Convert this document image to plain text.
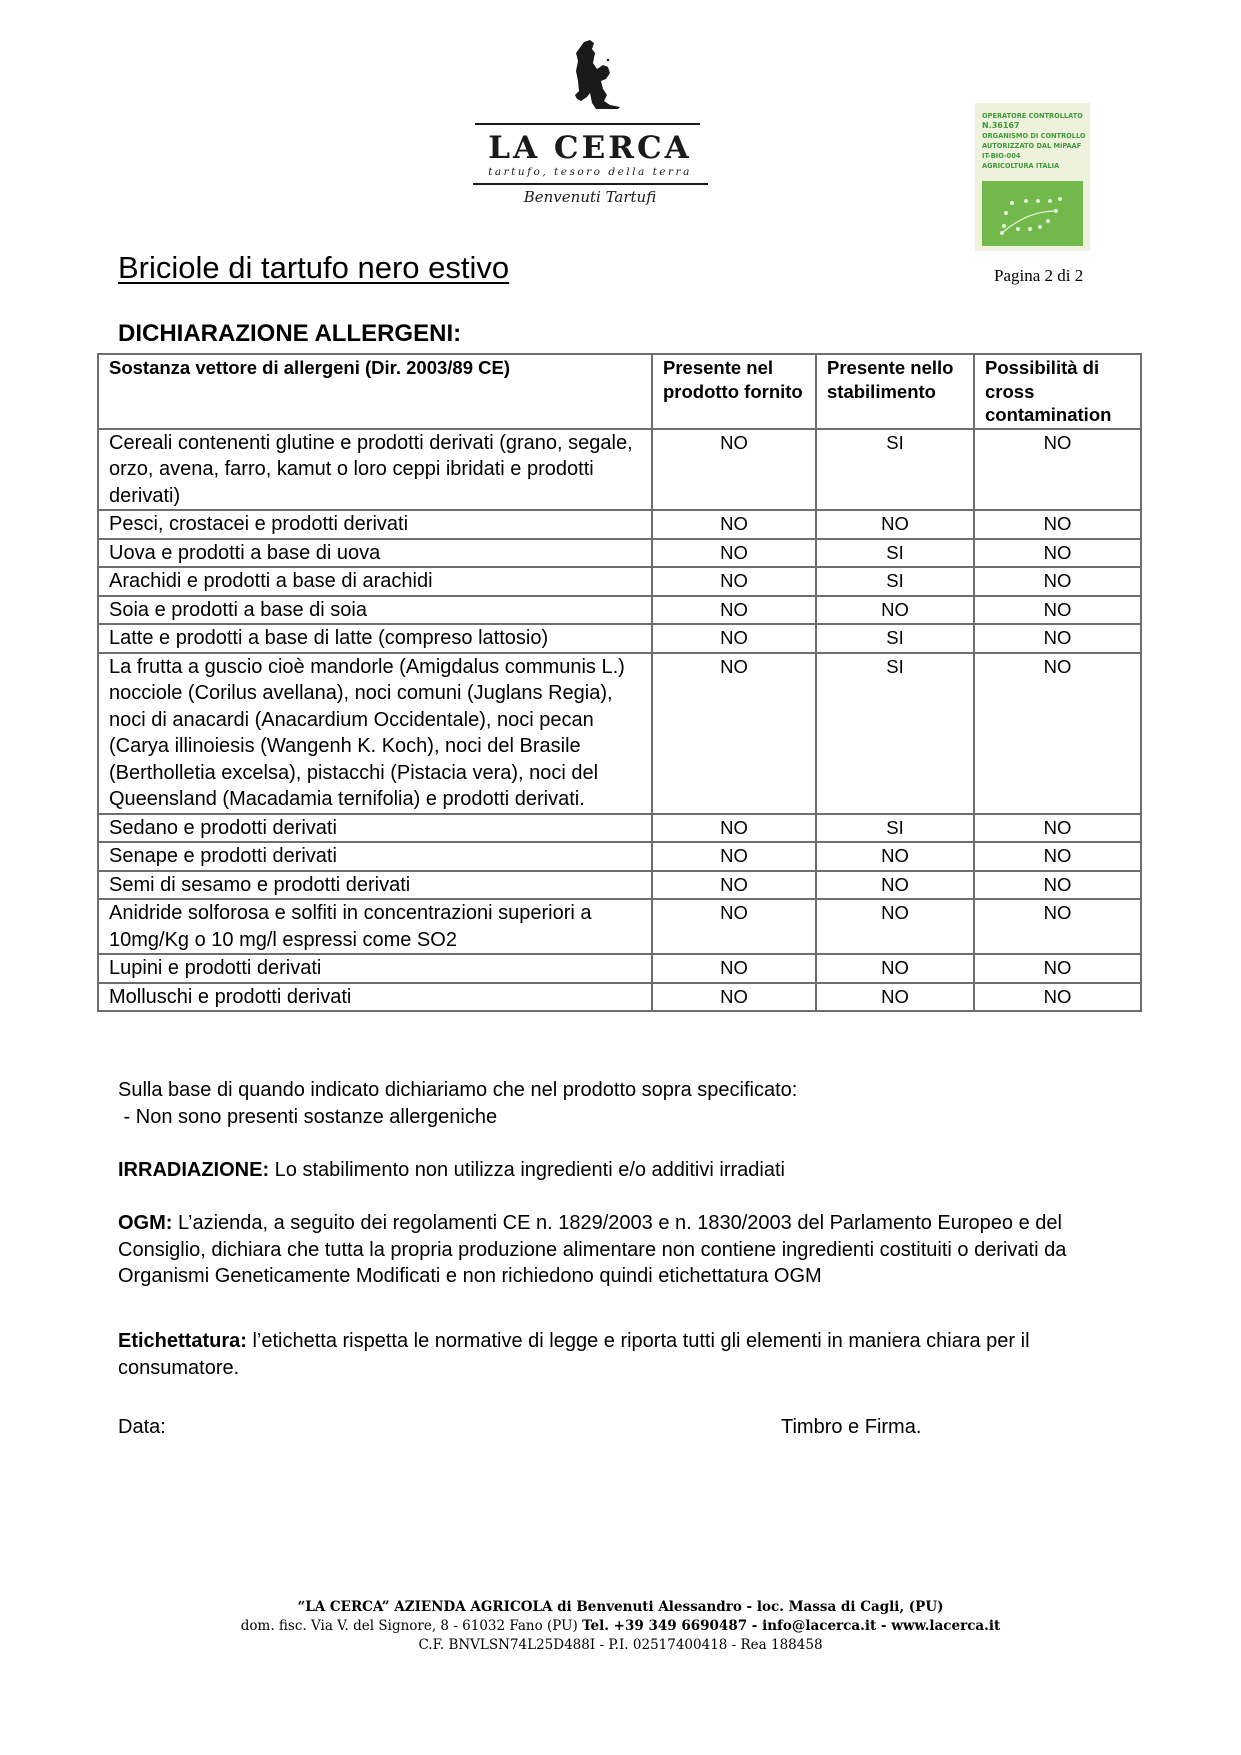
LA CERCA
tartufo, tesoro della terra
Benvenuti Tartufi
OPERATORE CONTROLLATO
N.36167
ORGANISMO DI CONTROLLO
AUTORIZZATO DAL MiPAAF
IT-BIO-004
AGRICOLTURA ITALIA
Briciole di tartufo nero estivo	Pagina 2 di 2
DICHIARAZIONE ALLERGENI:
Sostanza vettore di allergeni (Dir. 2003/89 CE)	Presente nel prodotto fornito	Presente nello stabilimento	Possibilità di cross contamination
Cereali contenenti glutine e prodotti derivati (grano, segale, orzo, avena, farro, kamut o loro ceppi ibridati e prodotti derivati)	NO	SI	NO
Pesci, crostacei e prodotti derivati	NO	NO	NO
Uova e prodotti a base di uova	NO	SI	NO
Arachidi e prodotti a base di arachidi	NO	SI	NO
Soia e prodotti a base di soia	NO	NO	NO
Latte e prodotti a base di latte (compreso lattosio)	NO	SI	NO
La frutta a guscio cioè mandorle (Amigdalus communis L.) nocciole (Corilus avellana), noci comuni (Juglans Regia), noci di anacardi (Anacardium Occidentale), noci pecan (Carya illinoiesis (Wangenh K. Koch), noci del Brasile (Bertholletia excelsa), pistacchi (Pistacia vera), noci del Queensland (Macadamia ternifolia) e prodotti derivati.	NO	SI	NO
Sedano e prodotti derivati	NO	SI	NO
Senape e prodotti derivati	NO	NO	NO
Semi di sesamo e prodotti derivati	NO	NO	NO
Anidride solforosa e solfiti in concentrazioni superiori a 10mg/Kg o 10 mg/l espressi come SO2	NO	NO	NO
Lupini e prodotti derivati	NO	NO	NO
Molluschi e prodotti derivati	NO	NO	NO
Sulla base di quando indicato dichiariamo che nel prodotto sopra specificato:
- Non sono presenti sostanze allergeniche
IRRADIAZIONE: Lo stabilimento non utilizza ingredienti e/o additivi irradiati
OGM: L’azienda, a seguito dei regolamenti CE n. 1829/2003 e n. 1830/2003 del Parlamento Europeo e del Consiglio, dichiara che tutta la propria produzione alimentare non contiene ingredienti costituiti o derivati da Organismi Geneticamente Modificati e non richiedono quindi etichettatura OGM
Etichettatura: l’etichetta rispetta le normative di legge e riporta tutti gli elementi in maniera chiara per il consumatore.
Data:	Timbro e Firma.
“LA CERCA” AZIENDA AGRICOLA di Benvenuti Alessandro - loc. Massa di Cagli, (PU)
dom. fisc. Via V. del Signore, 8 - 61032 Fano (PU) Tel. +39 349 6690487 - info@lacerca.it - www.lacerca.it
C.F. BNVLSN74L25D488I - P.I. 02517400418 - Rea 188458
